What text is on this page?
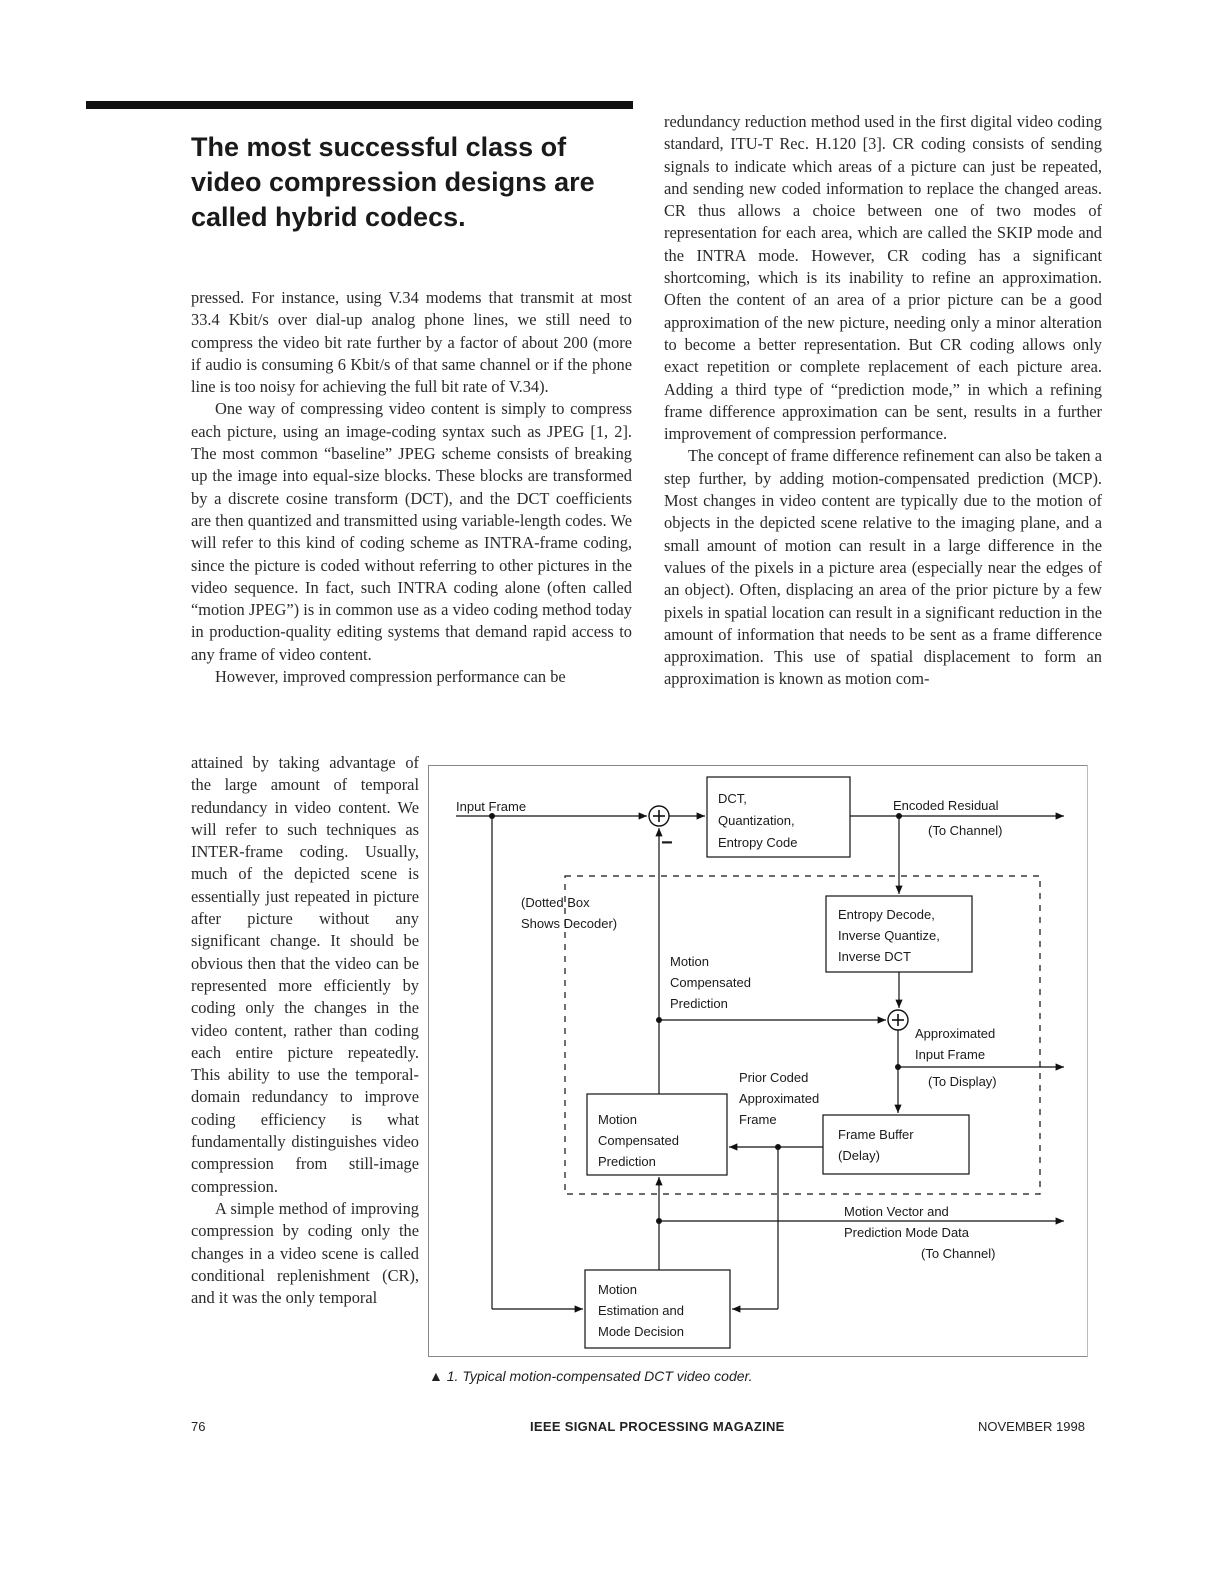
The most successful class of video compression designs are called hybrid codecs.

pressed. For instance, using V.34 modems that transmit at most 33.4 Kbit/s over dial-up analog phone lines, we still need to compress the video bit rate further by a factor of about 200 (more if audio is consuming 6 Kbit/s of that same channel or if the phone line is too noisy for achieving the full bit rate of V.34).

One way of compressing video content is simply to compress each picture, using an image-coding syntax such as JPEG [1, 2]. The most common “baseline” JPEG scheme consists of breaking up the image into equal-size blocks. These blocks are transformed by a discrete cosine transform (DCT), and the DCT coefficients are then quantized and transmitted using variable-length codes. We will refer to this kind of coding scheme as INTRA-frame coding, since the picture is coded without referring to other pictures in the video sequence. In fact, such INTRA coding alone (often called “motion JPEG”) is in common use as a video coding method today in production-quality editing systems that demand rapid access to any frame of video content.

However, improved compression performance can be

attained by taking advantage of the large amount of temporal redundancy in video content. We will refer to such techniques as INTER-frame coding. Usually, much of the depicted scene is essentially just repeated in picture after picture without any significant change. It should be obvious then that the video can be represented more efficiently by coding only the changes in the video content, rather than coding each entire picture repeatedly. This ability to use the temporal-domain redundancy to improve coding efficiency is what fundamentally distinguishes video compression from still-image compression.

A simple method of improving compression by coding only the changes in a video scene is called conditional replenishment (CR), and it was the only temporal

redundancy reduction method used in the first digital video coding standard, ITU-T Rec. H.120 [3]. CR coding consists of sending signals to indicate which areas of a picture can just be repeated, and sending new coded information to replace the changed areas. CR thus allows a choice between one of two modes of representation for each area, which are called the SKIP mode and the INTRA mode. However, CR coding has a significant shortcoming, which is its inability to refine an approximation. Often the content of an area of a prior picture can be a good approximation of the new picture, needing only a minor alteration to become a better representation. But CR coding allows only exact repetition or complete replacement of each picture area. Adding a third type of “prediction mode,” in which a refining frame difference approximation can be sent, results in a further improvement of compression performance.

The concept of frame difference refinement can also be taken a step further, by adding motion-compensated prediction (MCP). Most changes in video content are typically due to the motion of objects in the depicted scene relative to the imaging plane, and a small amount of motion can result in a large difference in the values of the pixels in a picture area (especially near the edges of an object). Often, displacing an area of the prior picture by a few pixels in spatial location can result in a significant reduction in the amount of information that needs to be sent as a frame difference approximation. This use of spatial displacement to form an approximation is known as motion com-

Input Frame
−
DCT,
Quantization,
Entropy Code
Encoded Residual
(To Channel)
(Dotted Box
Shows Decoder)
Entropy Decode,
Inverse Quantize,
Inverse DCT
Motion
Compensated
Prediction
Approximated
Input Frame
(To Display)
Prior Coded
Approximated
Frame
Motion
Compensated
Prediction
Frame Buffer
(Delay)
Motion Vector and
Prediction Mode Data
(To Channel)
Motion
Estimation and
Mode Decision
▲ 1. Typical motion-compensated DCT video coder.
76	IEEE SIGNAL PROCESSING MAGAZINE	NOVEMBER 1998
